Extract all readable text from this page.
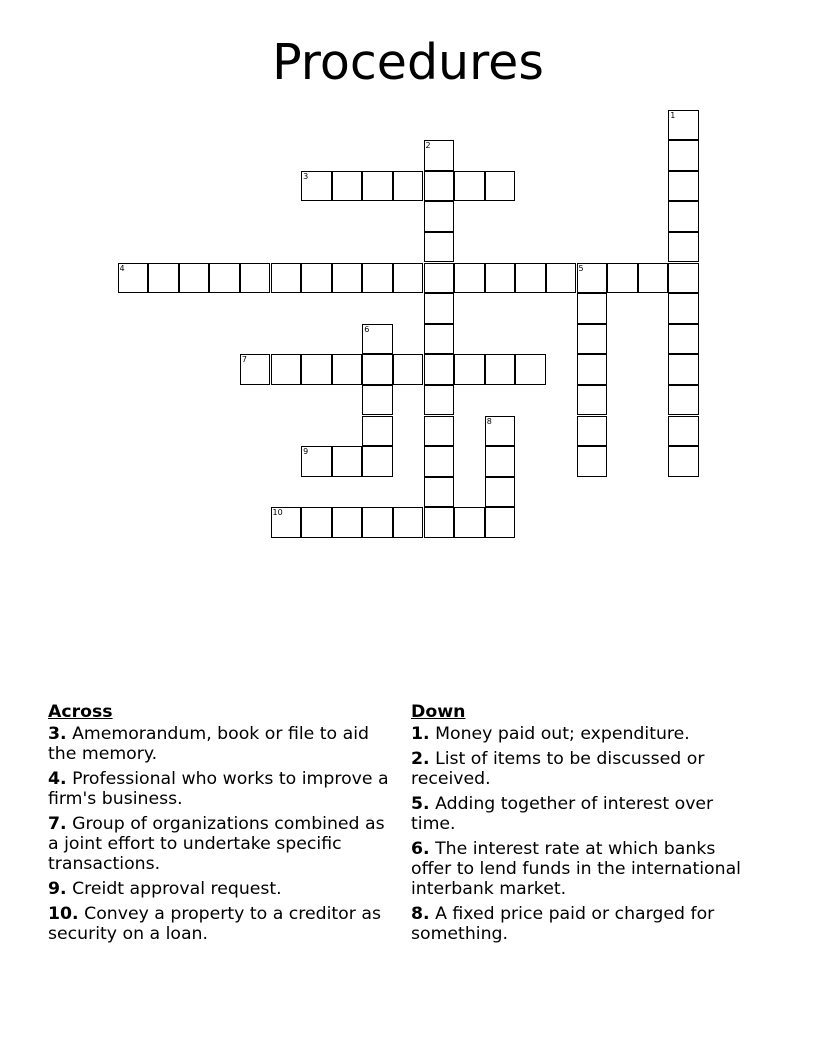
Procedures
1
2
3
4	5
6
7
8
9
10
Across
3. Amemorandum, book or file to aid the memory.
4. Professional who works to improve a firm's business.
7. Group of organizations combined as a joint effort to undertake specific transactions.
9. Creidt approval request.
10. Convey a property to a creditor as security on a loan.
Down
1. Money paid out; expenditure.
2. List of items to be discussed or received.
5. Adding together of interest over time.
6. The interest rate at which banks offer to lend funds in the international interbank market.
8. A fixed price paid or charged for something.
